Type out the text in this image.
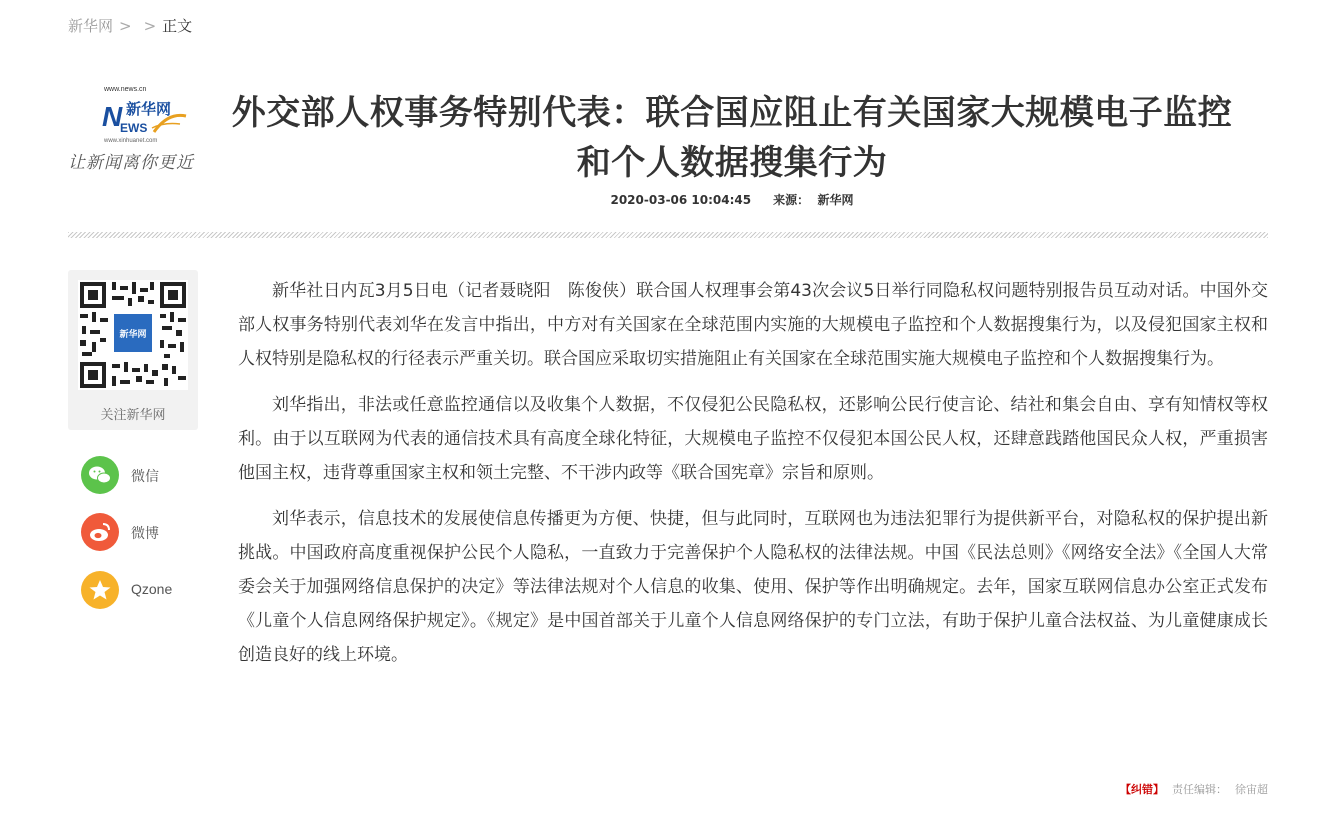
新华网 > > 正文
www.news.cn
N 新华网
EWS
www.xinhuanet.com
让新闻离你更近
外交部人权事务特别代表：联合国应阻止有关国家大规模电子监控和个人数据搜集行为
2020-03-06 10:04:45 来源： 新华网
新华网
关注新华网
微信
微博
Qzone

新华社日内瓦3月5日电（记者聂晓阳　陈俊侠）联合国人权理事会第43次会议5日举行同隐私权问题特别报告员互动对话。中国外交部人权事务特别代表刘华在发言中指出，中方对有关国家在全球范围内实施的大规模电子监控和个人数据搜集行为，以及侵犯国家主权和人权特别是隐私权的行径表示严重关切。联合国应采取切实措施阻止有关国家在全球范围实施大规模电子监控和个人数据搜集行为。

刘华指出，非法或任意监控通信以及收集个人数据，不仅侵犯公民隐私权，还影响公民行使言论、结社和集会自由、享有知情权等权利。由于以互联网为代表的通信技术具有高度全球化特征，大规模电子监控不仅侵犯本国公民人权，还肆意践踏他国民众人权，严重损害他国主权，违背尊重国家主权和领土完整、不干涉内政等《联合国宪章》宗旨和原则。

刘华表示，信息技术的发展使信息传播更为方便、快捷，但与此同时，互联网也为违法犯罪行为提供新平台，对隐私权的保护提出新挑战。中国政府高度重视保护公民个人隐私，一直致力于完善保护个人隐私权的法律法规。中国《民法总则》《网络安全法》《全国人大常委会关于加强网络信息保护的决定》等法律法规对个人信息的收集、使用、保护等作出明确规定。去年，国家互联网信息办公室正式发布《儿童个人信息网络保护规定》。《规定》是中国首部关于儿童个人信息网络保护的专门立法，有助于保护儿童合法权益、为儿童健康成长创造良好的线上环境。

【纠错】 责任编辑： 徐宙超
